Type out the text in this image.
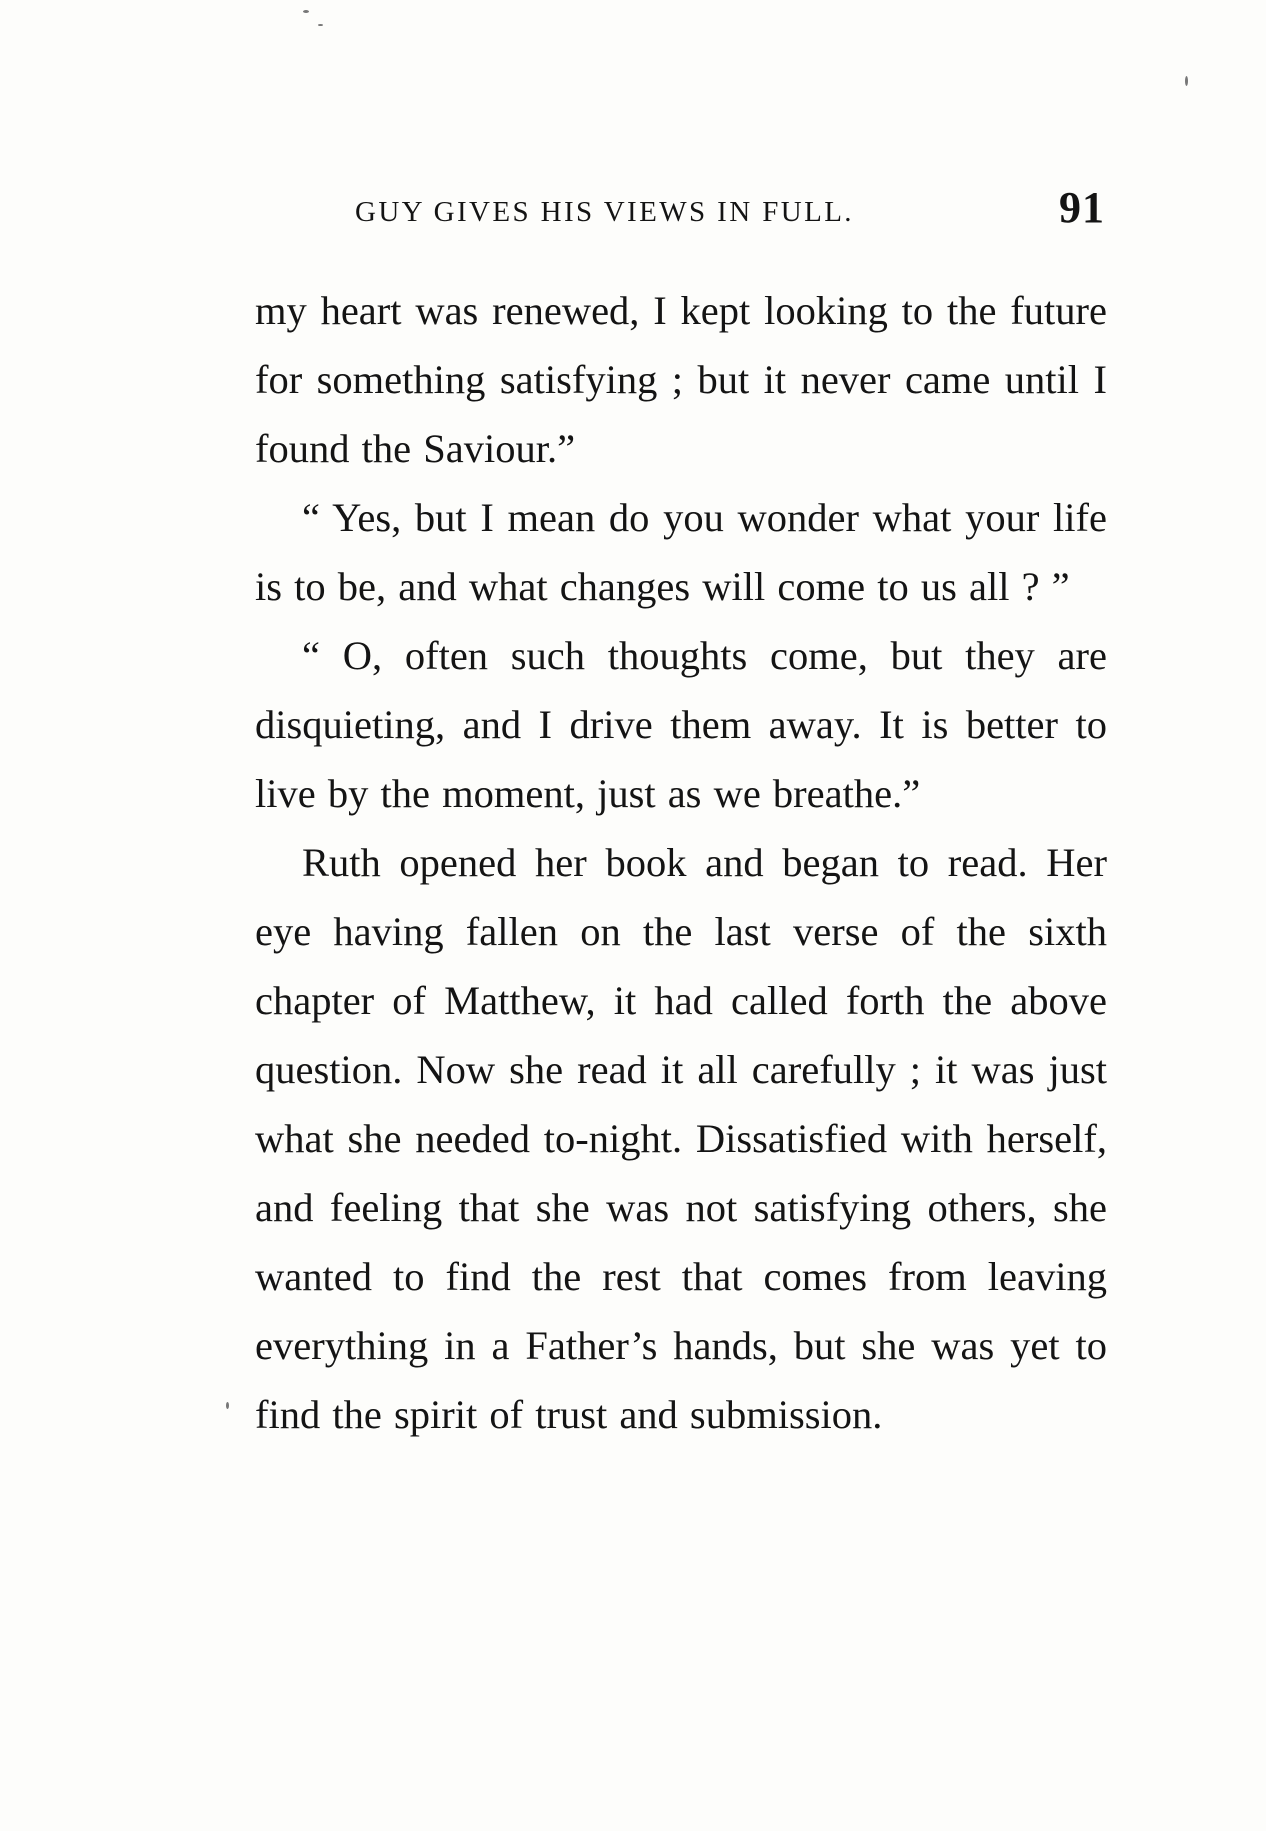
GUY GIVES HIS VIEWS IN FULL.	91

my heart was renewed, I kept looking to the future for something satisfying ; but it never came until I found the Saviour.”

“ Yes, but I mean do you wonder what your life is to be, and what changes will come to us all ? ”

“ O, often such thoughts come, but they are disquieting, and I drive them away. It is better to live by the moment, just as we breathe.”

Ruth opened her book and began to read. Her eye having fallen on the last verse of the sixth chapter of Matthew, it had called forth the above question. Now she read it all carefully ; it was just what she needed to-night. Dissatisfied with herself, and feeling that she was not satisfying others, she wanted to find the rest that comes from leaving everything in a Father’s hands, but she was yet to find the spirit of trust and submission.
